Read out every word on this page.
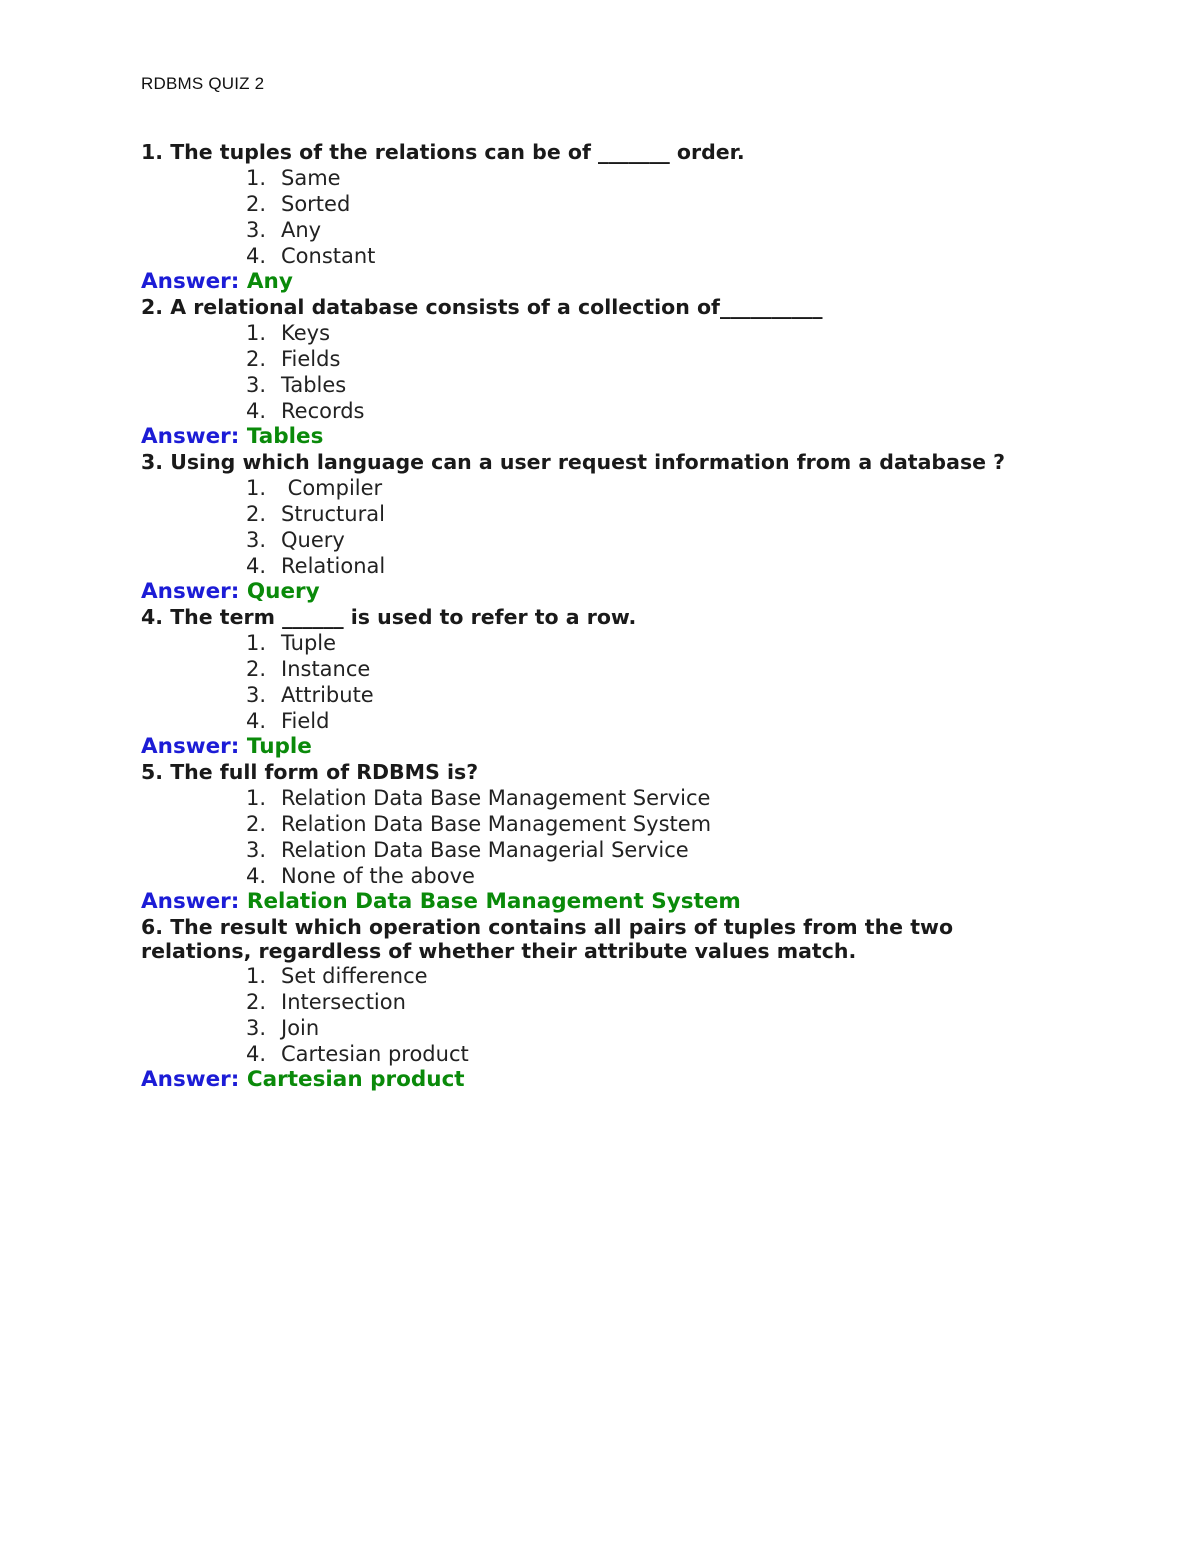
RDBMS QUIZ 2

1. The tuples of the relations can be of _______ order.

1. Same
2. Sorted
3. Any
4. Constant
Answer: Any

2. A relational database consists of a collection of__________

1. Keys
2. Fields
3. Tables
4. Records
Answer: Tables

3. Using which language can a user request information from a database ?

1. Compiler
2. Structural
3. Query
4. Relational
Answer: Query

4. The term ______ is used to refer to a row.

1. Tuple
2. Instance
3. Attribute
4. Field
Answer: Tuple

5. The full form of RDBMS is?

1. Relation Data Base Management Service
2. Relation Data Base Management System
3. Relation Data Base Managerial Service
4. None of the above
Answer: Relation Data Base Management System

6. The result which operation contains all pairs of tuples from the two
relations, regardless of whether their attribute values match.

1. Set difference
2. Intersection
3. Join
4. Cartesian product
Answer: Cartesian product
